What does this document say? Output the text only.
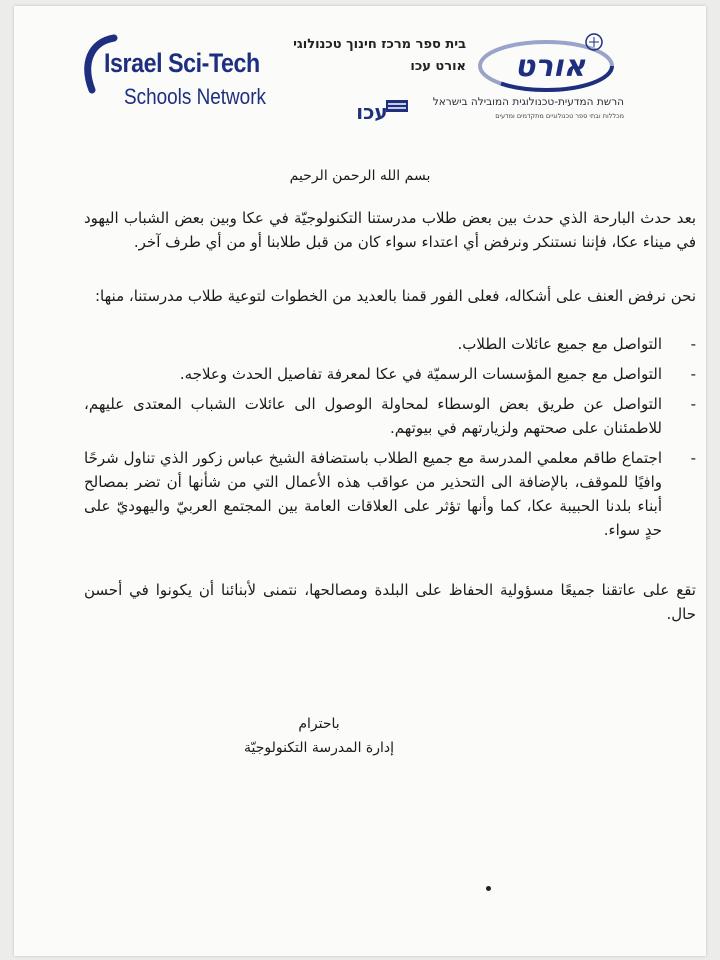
Israel Sci-Tech
Schools Network
בית ספר מרכז חינוך טכנולוגי
אורט עכו
עכו
אורט
הרשת המדעית-טכנולוגית המובילה בישראל
מכללות ובתי ספר טכנולוגיים מתקדמים ומדעים
بسم الله الرحمن الرحيم
بعد حدث البارحة الذي حدث بين بعض طلاب مدرستنا التكنولوجيّة في عكا وبين بعض الشباب اليهود في ميناء عكا، فإننا نستنكر ونرفض أي اعتداء سواء كان من قبل طلابنا أو من أي طرف آخر.
نحن نرفض العنف على أشكاله، فعلى الفور قمنا بالعديد من الخطوات لتوعية طلاب مدرستنا، منها:
-
التواصل مع جميع عائلات الطلاب.
-
التواصل مع جميع المؤسسات الرسميّة في عكا لمعرفة تفاصيل الحدث وعلاجه.
-
التواصل عن طريق بعض الوسطاء لمحاولة الوصول الى عائلات الشباب المعتدى عليهم، للاطمئنان على صحتهم ولزيارتهم في بيوتهم.
-
اجتماع طاقم معلمي المدرسة مع جميع الطلاب باستضافة الشيخ عباس زكور الذي تناول شرحًا وافيًا للموقف، بالإضافة الى التحذير من عواقب هذه الأعمال التي من شأنها أن تضر بمصالح أبناء بلدنا الحبيبة عكا، كما وأنها تؤثر على العلاقات العامة بين المجتمع العربيّ واليهوديّ على حدٍ سواء.
تقع على عاتقنا جميعًا مسؤولية الحفاظ على البلدة ومصالحها، نتمنى لأبنائنا أن يكونوا في أحسن حال.
باحترام
إدارة المدرسة التكنولوجيّة
